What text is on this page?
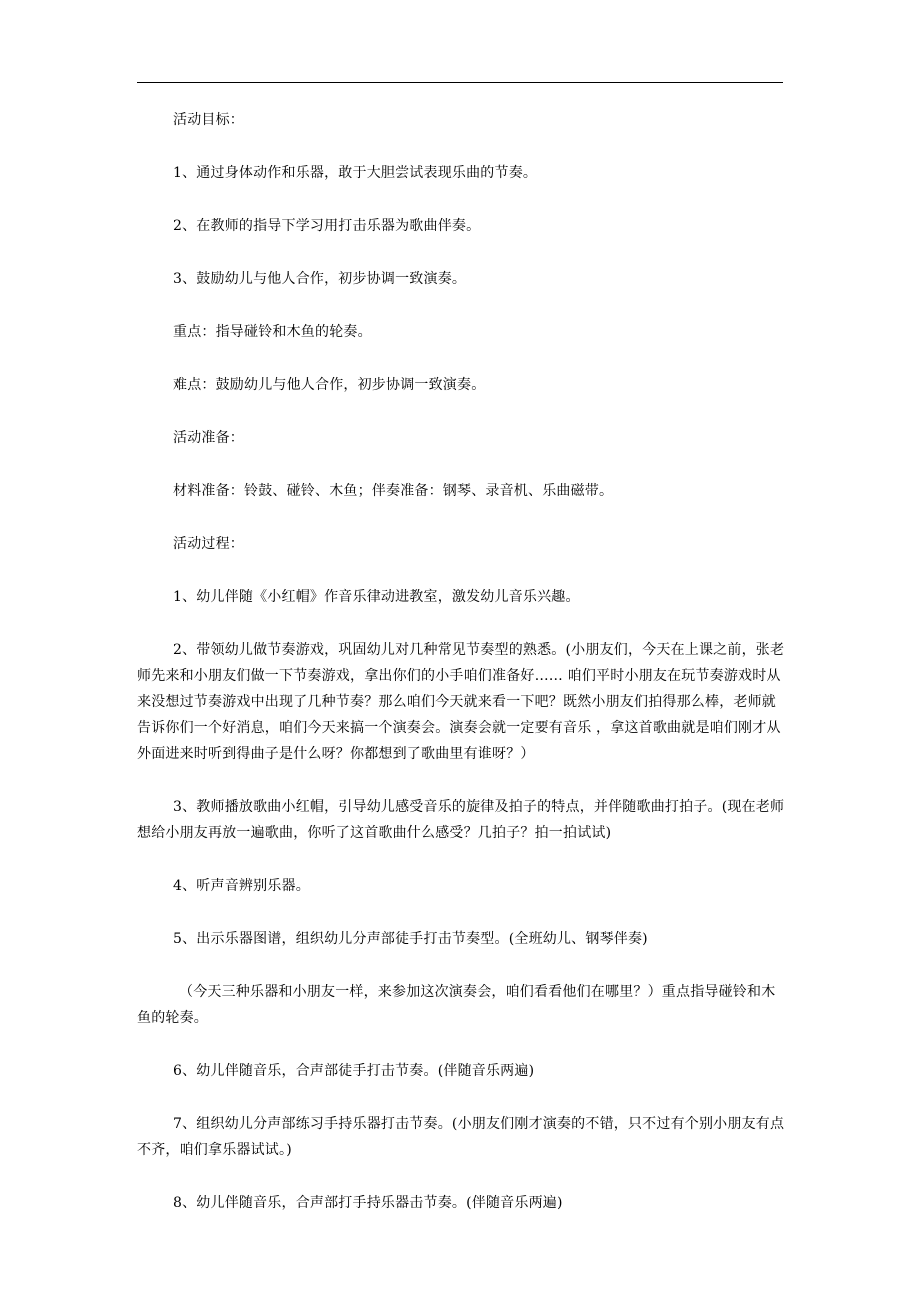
活动目标：

1、通过身体动作和乐器，敢于大胆尝试表现乐曲的节奏。

2、在教师的指导下学习用打击乐器为歌曲伴奏。

3、鼓励幼儿与他人合作，初步协调一致演奏。

重点：指导碰铃和木鱼的轮奏。

难点：鼓励幼儿与他人合作，初步协调一致演奏。

活动准备：

材料准备：铃鼓、碰铃、木鱼；伴奏准备：钢琴、录音机、乐曲磁带。

活动过程：

1、幼儿伴随《小红帽》作音乐律动进教室，激发幼儿音乐兴趣。

2、带领幼儿做节奏游戏，巩固幼儿对几种常见节奏型的熟悉。(小朋友们，今天在上课之前，张老师先来和小朋友们做一下节奏游戏，拿出你们的小手咱们准备好…… 咱们平时小朋友在玩节奏游戏时从来没想过节奏游戏中出现了几种节奏？那么咱们今天就来看一下吧？既然小朋友们拍得那么棒，老师就告诉你们一个好消息，咱们今天来搞一个演奏会。演奏会就一定要有音乐 ，拿这首歌曲就是咱们刚才从外面进来时听到得曲子是什么呀？你都想到了歌曲里有谁呀？）

3、教师播放歌曲小红帽，引导幼儿感受音乐的旋律及拍子的特点，并伴随歌曲打拍子。(现在老师想给小朋友再放一遍歌曲，你听了这首歌曲什么感受？几拍子？拍一拍试试)

4、听声音辨别乐器。

5、出示乐器图谱，组织幼儿分声部徒手打击节奏型。(全班幼儿、钢琴伴奏)

（今天三种乐器和小朋友一样，来参加这次演奏会，咱们看看他们在哪里？）重点指导碰铃和木鱼的轮奏。

6、幼儿伴随音乐，合声部徒手打击节奏。(伴随音乐两遍)

7、组织幼儿分声部练习手持乐器打击节奏。(小朋友们刚才演奏的不错，只不过有个别小朋友有点不齐，咱们拿乐器试试。)

8、幼儿伴随音乐，合声部打手持乐器击节奏。(伴随音乐两遍)
